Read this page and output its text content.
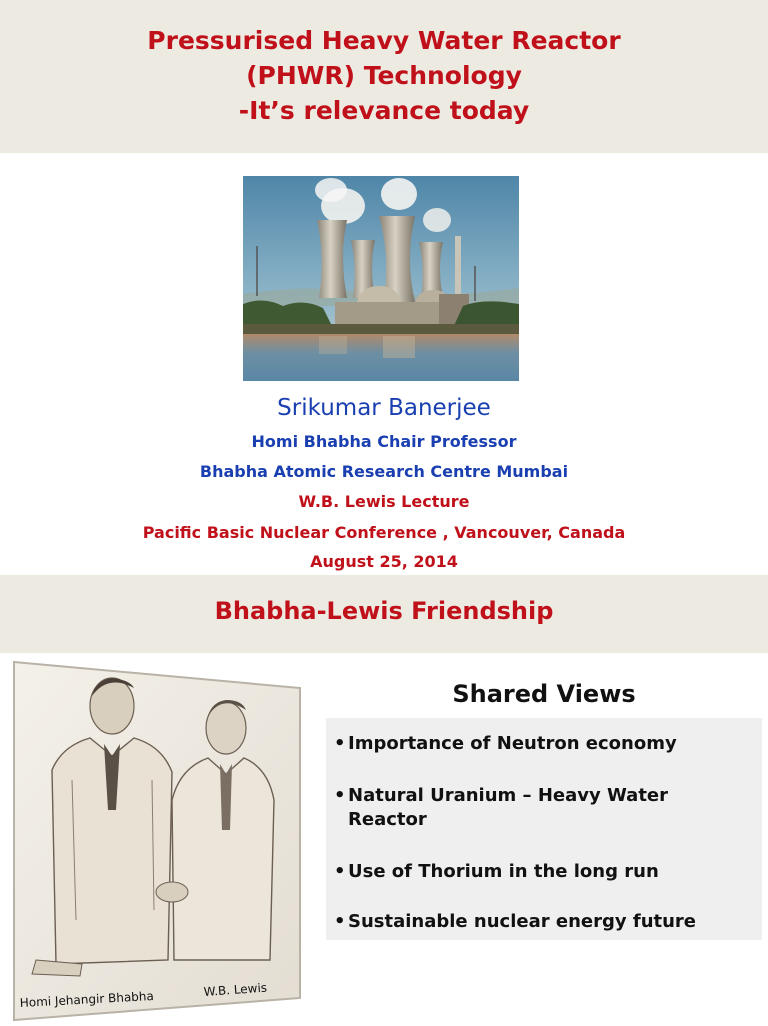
Pressurised Heavy Water Reactor
(PHWR) Technology
-It’s relevance today
Srikumar Banerjee
Homi Bhabha Chair Professor
Bhabha Atomic Research Centre Mumbai
W.B. Lewis Lecture
Pacific Basic Nuclear Conference , Vancouver, Canada
August 25, 2014
Bhabha-Lewis Friendship
Homi Jehangir Bhabha	W.B. Lewis
Shared Views
• Importance of Neutron economy
• Natural Uranium – Heavy Water
Reactor
• Use of Thorium in the long run
• Sustainable nuclear energy future
